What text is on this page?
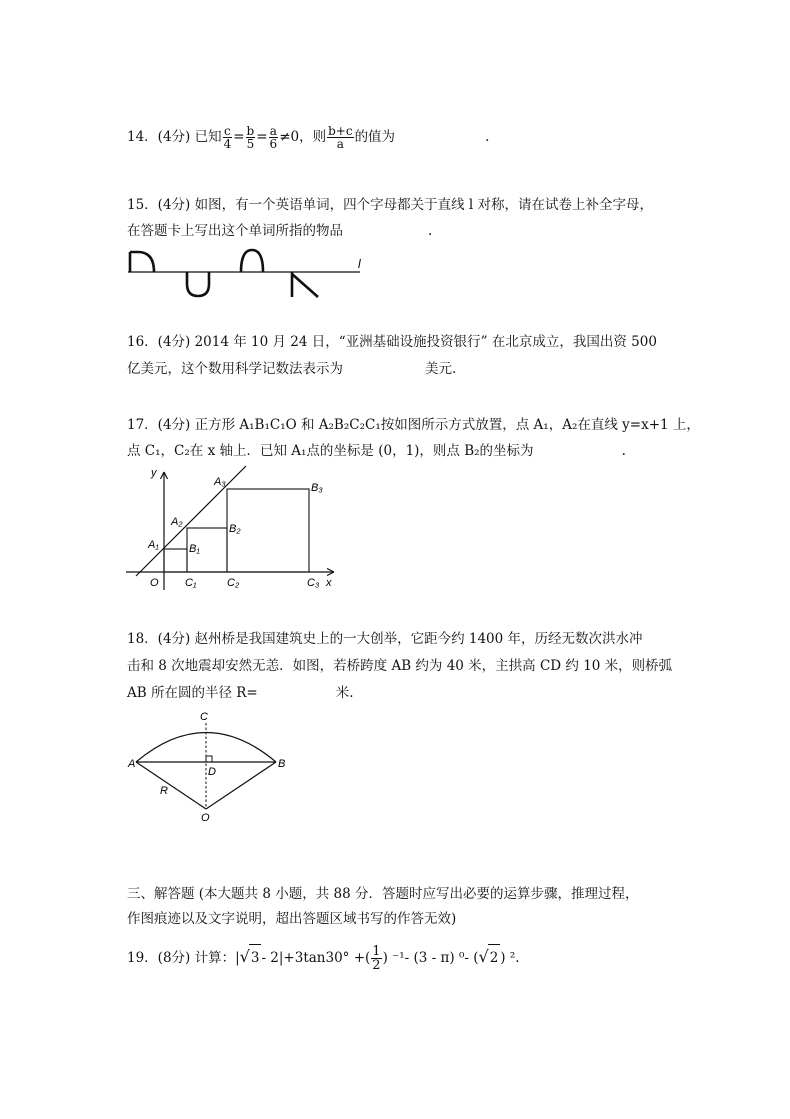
14．(4分) 已知 $\frac{c}{4} = \frac{b}{5} = \frac{a}{6} \ne 0$，则 $\frac{b+c}{a}$ 的值为	.
15．(4分) 如图，有一个英语单词，四个字母都关于直线 l 对称，请在试卷上补全字母，
在答题卡上写出这个单词所指的物品	.
l
16．(4分) 2014 年 10 月 24 日，“亚洲基础设施投资银行” 在北京成立，我国出资 500
亿美元，这个数用科学记数法表示为	美元.
17．(4分) 正方形 A₁B₁C₁O 和 A₂B₂C₂C₁按如图所示方式放置，点 A₁，A₂在直线 y=x+1 上，
点 C₁，C₂在 x 轴上．已知 A₁点的坐标是 (0，1)，则点 B₂的坐标为	.
y
x
O
A₁
A₂
A₃
B₁
B₂
B₃
C₁	C₂	C₃
18．(4分) 赵州桥是我国建筑史上的一大创举，它距今约 1400 年，历经无数次洪水冲
击和 8 次地震却安然无恙．如图，若桥跨度 AB 约为 40 米，主拱高 CD 约 10 米，则桥弧
AB 所在圆的半径 R=	米.
A	B
C
D
O
R
三、解答题 (本大题共 8 小题，共 88 分．答题时应写出必要的运算步骤，推理过程，
作图痕迹以及文字说明，超出答题区域书写的作答无效)
19．(8分) 计算：|√3 - 2|+3tan30° +( $\frac{1}{2}$ ) ⁻¹- (3 - π) ⁰- (√2 ) ².
